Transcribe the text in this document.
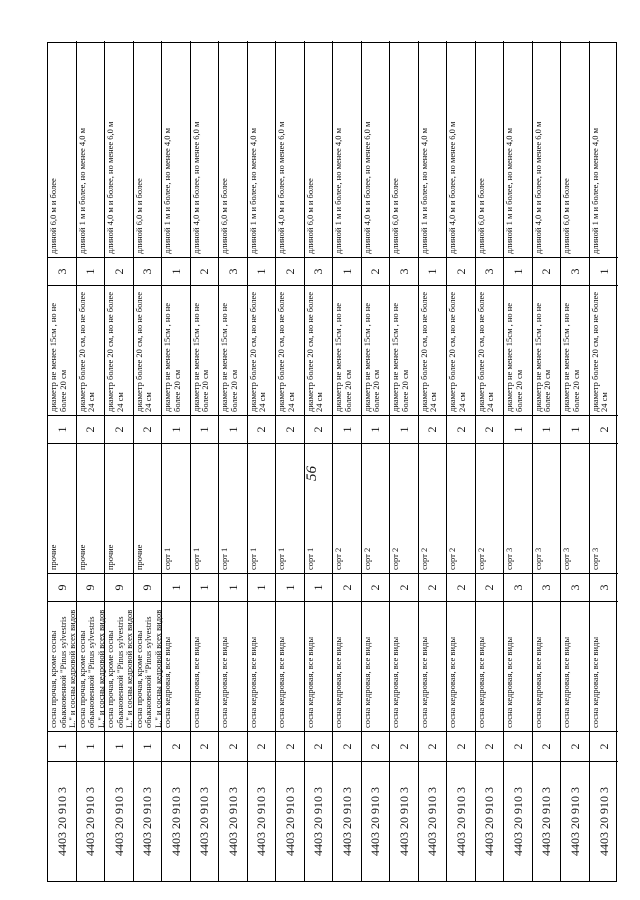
56
4403 20 910 3
1
сосна прочая, кроме сосны обыкновенной "Pinus sylvestris L." и сосны кедровой всех видов
9
прочие
1
диаметр не менее 15см , но не более 20 см
3
длиной 6,0 м и более
4403 20 910 3
1
сосна прочая, кроме сосны обыкновенной "Pinus sylvestris L." и сосны кедровой всех видов
9
прочие
2
диаметр более 20 см, но не более 24 см
1
длиной 1 м и более, но менее 4,0 м
4403 20 910 3
1
сосна прочая, кроме сосны обыкновенной "Pinus sylvestris L." и сосны кедровой всех видов
9
прочие
2
диаметр более 20 см, но не более 24 см
2
длиной 4,0 м и более, но менее 6,0 м
4403 20 910 3
1
сосна прочая, кроме сосны обыкновенной "Pinus sylvestris L." и сосны кедровой всех видов
9
прочие
2
диаметр более 20 см, но не более 24 см
3
длиной 6,0 м и более
4403 20 910 3
2
сосна кедровая, все виды
1
сорт 1
1
диаметр не менее 15см , но не более 20 см
1
длиной 1 м и более, но менее 4,0 м
4403 20 910 3
2
сосна кедровая, все виды
1
сорт 1
1
диаметр не менее 15см , но не более 20 см
2
длиной 4,0 м и более, но менее 6,0 м
4403 20 910 3
2
сосна кедровая, все виды
1
сорт 1
1
диаметр не менее 15см , но не более 20 см
3
длиной 6,0 м и более
4403 20 910 3
2
сосна кедровая, все виды
1
сорт 1
2
диаметр более 20 см, но не более 24 см
1
длиной 1 м и более, но менее 4,0 м
4403 20 910 3
2
сосна кедровая, все виды
1
сорт 1
2
диаметр более 20 см, но не более 24 см
2
длиной 4,0 м и более, но менее 6,0 м
4403 20 910 3
2
сосна кедровая, все виды
1
сорт 1
2
диаметр более 20 см, но не более 24 см
3
длиной 6,0 м и более
4403 20 910 3
2
сосна кедровая, все виды
2
сорт 2
1
диаметр не менее 15см , но не более 20 см
1
длиной 1 м и более, но менее 4,0 м
4403 20 910 3
2
сосна кедровая, все виды
2
сорт 2
1
диаметр не менее 15см , но не более 20 см
2
длиной 4,0 м и более, но менее 6,0 м
4403 20 910 3
2
сосна кедровая, все виды
2
сорт 2
1
диаметр не менее 15см , но не более 20 см
3
длиной 6,0 м и более
4403 20 910 3
2
сосна кедровая, все виды
2
сорт 2
2
диаметр более 20 см, но не более 24 см
1
длиной 1 м и более, но менее 4,0 м
4403 20 910 3
2
сосна кедровая, все виды
2
сорт 2
2
диаметр более 20 см, но не более 24 см
2
длиной 4,0 м и более, но менее 6,0 м
4403 20 910 3
2
сосна кедровая, все виды
2
сорт 2
2
диаметр более 20 см, но не более 24 см
3
длиной 6,0 м и более
4403 20 910 3
2
сосна кедровая, все виды
3
сорт 3
1
диаметр не менее 15см , но не более 20 см
1
длиной 1 м и более, но менее 4,0 м
4403 20 910 3
2
сосна кедровая, все виды
3
сорт 3
1
диаметр не менее 15см , но не более 20 см
2
длиной 4,0 м и более, но менее 6,0 м
4403 20 910 3
2
сосна кедровая, все виды
3
сорт 3
1
диаметр не менее 15см , но не более 20 см
3
длиной 6,0 м и более
4403 20 910 3
2
сосна кедровая, все виды
3
сорт 3
2
диаметр более 20 см, но не более 24 см
1
длиной 1 м и более, но менее 4,0 м
